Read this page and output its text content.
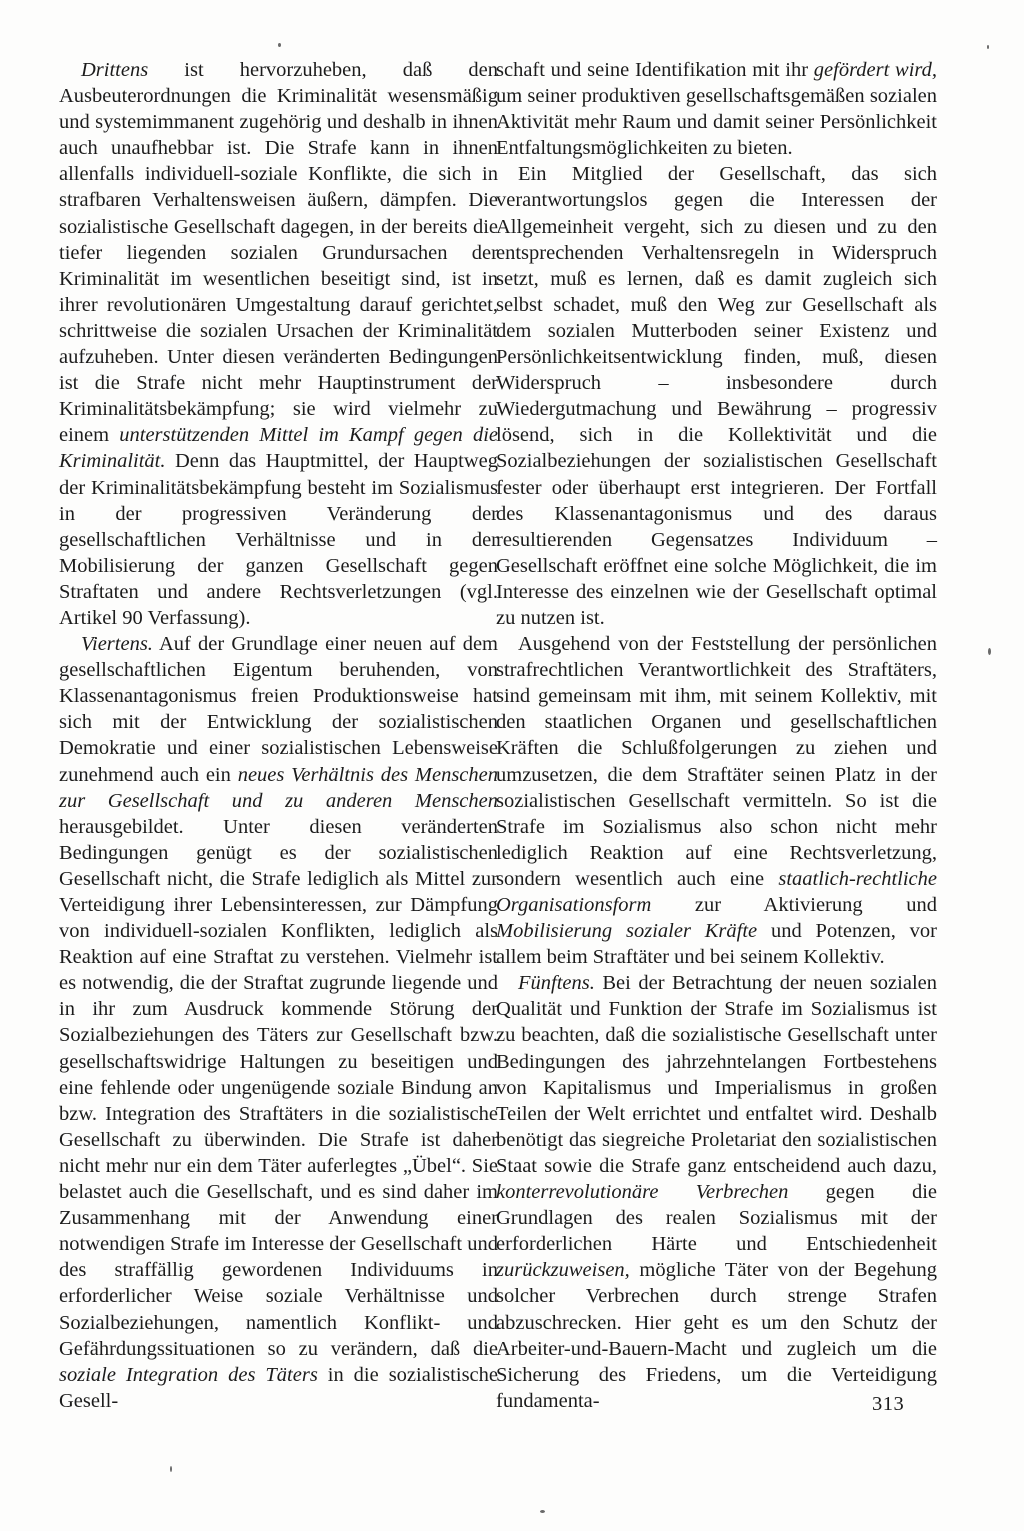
Drittens ist hervorzuheben, daß den Ausbeuterordnungen die Kriminalität wesensmäßig und systemimmanent zugehörig und deshalb in ihnen auch unaufhebbar ist. Die Strafe kann in ihnen allenfalls individuell-soziale Konflikte, die sich in strafbaren Verhaltensweisen äußern, dämpfen. Die sozialistische Gesellschaft dagegen, in der bereits die tiefer liegenden sozialen Grundursachen der Kriminalität im wesentlichen beseitigt sind, ist in ihrer revolutionären Umgestaltung darauf gerichtet, schrittweise die sozialen Ursachen der Kriminalität aufzuheben. Unter diesen veränderten Bedingungen ist die Strafe nicht mehr Hauptinstrument der Kriminalitätsbekämpfung; sie wird vielmehr zu einem unterstützenden Mittel im Kampf gegen die Kriminalität. Denn das Hauptmittel, der Hauptweg der Kriminalitätsbekämpfung besteht im Sozialismus in der progressiven Veränderung der gesellschaftlichen Verhältnisse und in der Mobilisierung der ganzen Gesellschaft gegen Straftaten und andere Rechtsverletzungen (vgl. Artikel 90 Verfassung).

Viertens. Auf der Grundlage einer neuen auf dem gesellschaftlichen Eigentum beruhenden, von Klassenantagonismus freien Produktionsweise hat sich mit der Entwicklung der sozialistischen Demokratie und einer sozialistischen Lebensweise zunehmend auch ein neues Verhältnis des Menschen zur Gesellschaft und zu anderen Menschen herausgebildet. Unter diesen veränderten Bedingungen genügt es der sozialistischen Gesellschaft nicht, die Strafe lediglich als Mittel zur Verteidigung ihrer Lebensinteressen, zur Dämpfung von individuell-sozialen Konflikten, lediglich als Reaktion auf eine Straftat zu verstehen. Vielmehr ist es notwendig, die der Straftat zugrunde liegende und in ihr zum Ausdruck kommende Störung der Sozialbeziehungen des Täters zur Gesellschaft bzw. gesellschaftswidrige Haltungen zu beseitigen und eine fehlende oder ungenügende soziale Bindung an bzw. Integration des Straftäters in die sozialistische Gesellschaft zu überwinden. Die Strafe ist daher nicht mehr nur ein dem Täter auferlegtes „Übel“. Sie belastet auch die Gesellschaft, und es sind daher im Zusammenhang mit der Anwendung einer notwendigen Strafe im Interesse der Gesellschaft und des straffällig gewordenen Individuums in erforderlicher Weise soziale Verhältnisse und Sozialbeziehungen, namentlich Konflikt- und Gefährdungssituationen so zu verändern, daß die soziale Integration des Täters in die sozialistische Gesell-

schaft und seine Identifikation mit ihr gefördert wird, um seiner produktiven gesellschaftsgemäßen sozialen Aktivität mehr Raum und damit seiner Persönlichkeit Entfaltungsmöglichkeiten zu bieten.

Ein Mitglied der Gesellschaft, das sich verantwortungslos gegen die Interessen der Allgemeinheit vergeht, sich zu diesen und zu den entsprechenden Verhaltensregeln in Widerspruch setzt, muß es lernen, daß es damit zugleich sich selbst schadet, muß den Weg zur Gesellschaft als dem sozialen Mutterboden seiner Existenz und Persönlichkeitsentwicklung finden, muß, diesen Widerspruch – insbesondere durch Wiedergutmachung und Bewährung – progressiv lösend, sich in die Kollektivität und die Sozialbeziehungen der sozialistischen Gesellschaft fester oder überhaupt erst integrieren. Der Fortfall des Klassenantagonismus und des daraus resultierenden Gegensatzes Individuum – Gesellschaft eröffnet eine solche Möglichkeit, die im Interesse des einzelnen wie der Gesellschaft optimal zu nutzen ist.

Ausgehend von der Feststellung der persönlichen strafrechtlichen Verantwortlichkeit des Straftäters, sind gemeinsam mit ihm, mit seinem Kollektiv, mit den staatlichen Organen und gesellschaftlichen Kräften die Schlußfolgerungen zu ziehen und umzusetzen, die dem Straftäter seinen Platz in der sozialistischen Gesellschaft vermitteln. So ist die Strafe im Sozialismus also schon nicht mehr lediglich Reaktion auf eine Rechtsverletzung, sondern wesentlich auch eine staatlich-rechtliche Organisationsform zur Aktivierung und Mobilisierung sozialer Kräfte und Potenzen, vor allem beim Straftäter und bei seinem Kollektiv.

Fünftens. Bei der Betrachtung der neuen sozialen Qualität und Funktion der Strafe im Sozialismus ist zu beachten, daß die sozialistische Gesellschaft unter Bedingungen des jahrzehntelangen Fortbestehens von Kapitalismus und Imperialismus in großen Teilen der Welt errichtet und entfaltet wird. Deshalb benötigt das siegreiche Proletariat den sozialistischen Staat sowie die Strafe ganz entscheidend auch dazu, konterrevolutionäre Verbrechen gegen die Grundlagen des realen Sozialismus mit der erforderlichen Härte und Entschiedenheit zurückzuweisen, mögliche Täter von der Begehung solcher Verbrechen durch strenge Strafen abzuschrecken. Hier geht es um den Schutz der Arbeiter-und-Bauern-Macht und zugleich um die Sicherung des Friedens, um die Verteidigung fundamenta-	313
